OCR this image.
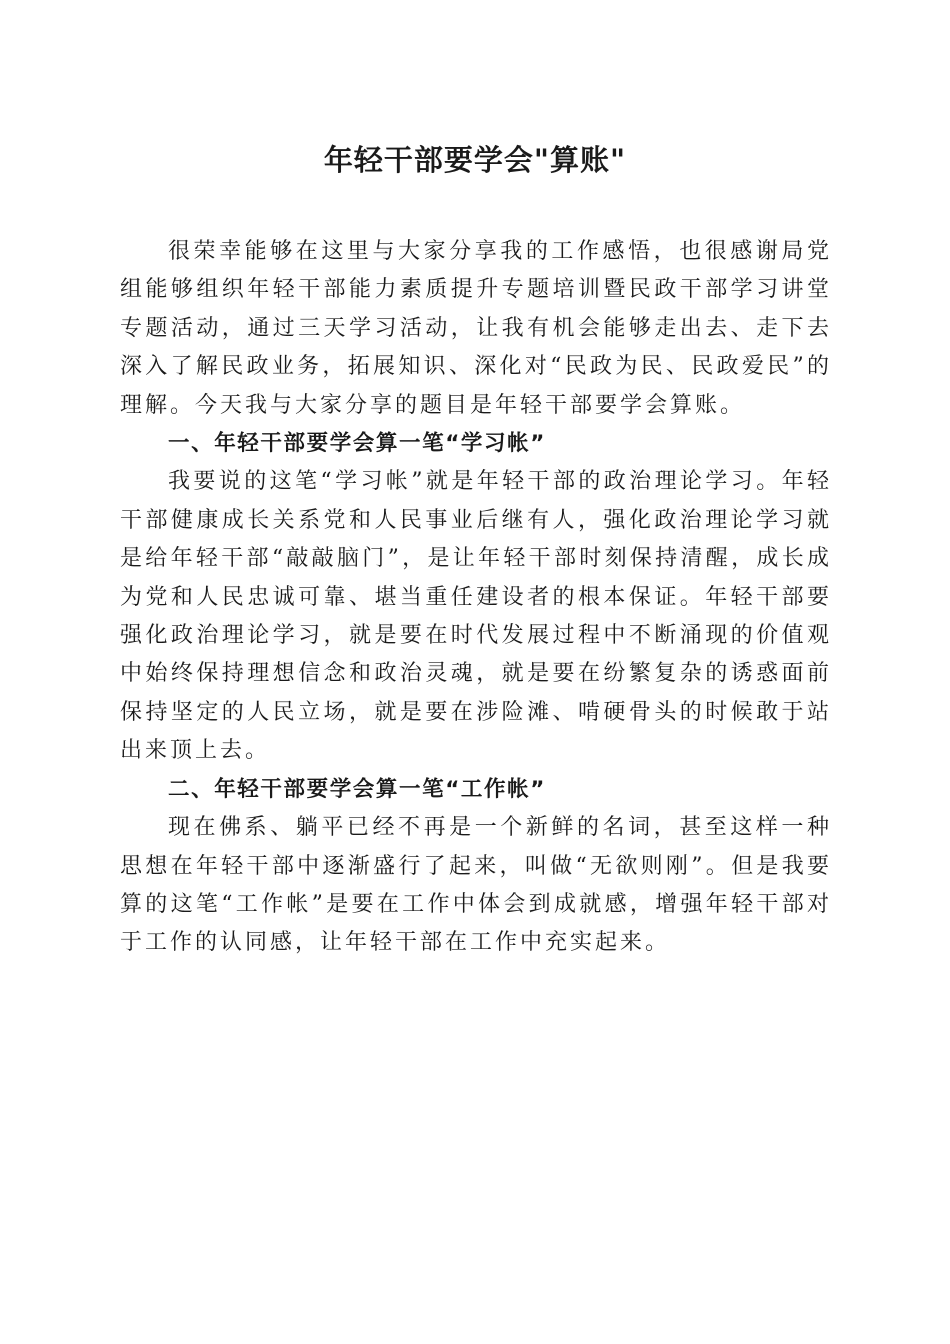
年轻干部要学会"算账"

很荣幸能够在这里与大家分享我的工作感悟，也很感谢局党组能够组织年轻干部能力素质提升专题培训暨民政干部学习讲堂专题活动，通过三天学习活动，让我有机会能够走出去、走下去深入了解民政业务，拓展知识、深化对“民政为民、民政爱民”的理解。今天我与大家分享的题目是年轻干部要学会算账。

一、年轻干部要学会算一笔“学习帐”

我要说的这笔“学习帐”就是年轻干部的政治理论学习。年轻干部健康成长关系党和人民事业后继有人，强化政治理论学习就是给年轻干部“敲敲脑门”，是让年轻干部时刻保持清醒，成长成为党和人民忠诚可靠、堪当重任建设者的根本保证。年轻干部要强化政治理论学习，就是要在时代发展过程中不断涌现的价值观中始终保持理想信念和政治灵魂，就是要在纷繁复杂的诱惑面前保持坚定的人民立场，就是要在涉险滩、啃硬骨头的时候敢于站出来顶上去。

二、年轻干部要学会算一笔“工作帐”

现在佛系、躺平已经不再是一个新鲜的名词，甚至这样一种思想在年轻干部中逐渐盛行了起来，叫做“无欲则刚”。但是我要算的这笔“工作帐”是要在工作中体会到成就感，增强年轻干部对于工作的认同感，让年轻干部在工作中充实起来。
